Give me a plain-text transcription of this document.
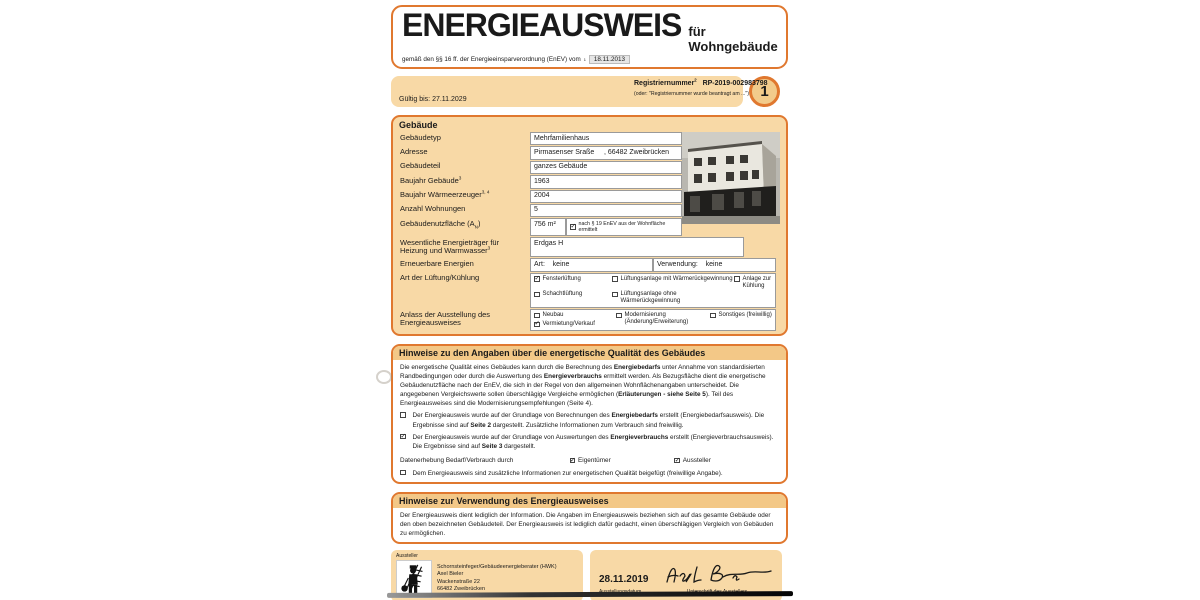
ENERGIEAUSWEIS für Wohngebäude
gemäß den §§ 16 ff. der Energieeinsparverordnung (EnEV) vom 1	18.11.2013
Gültig bis: 27.11.2029
Registriernummer$^2$ RP-2019-002983798
(oder: "Registriernummer wurde beantragt am ...") 1
Gebäude
Gebäudetyp	Mehrfamilienhaus
Adresse	Pirmasenser Sraße     , 66482 Zweibrücken
Gebäudeteil	ganzes Gebäude
Baujahr Gebäude$^3$	1963
Baujahr Wärmeerzeuger$^{3, 4}$	2004
Anzahl Wohnungen	5
Gebäudenutzfläche $(A_N)$	756 m²
✓	nach § 19 EnEV aus der Wohnfläche ermittelt
Wesentliche Energieträger für
Heizung und Warmwasser$^3$
Erdgas H
Erneuerbare Energien	Art: keine	Verwendung: keine
Art der Lüftung/Kühlung ✓	Fensterlüftung	Lüftungsanlage mit Wärmerückgewinnung Anlage zur Kühlung
Schachtlüftung	Lüftungsanlage ohne Wärmerückgewinnung
Anlass der Ausstellung des
Energieausweises
Neubau
✓
Vermietung/Verkauf
Modernisierung
(Änderung/Erweiterung)
Sonstiges (freiwillig)
Hinweise zu den Angaben über die energetische Qualität des Gebäudes
Die energetische Qualität eines Gebäudes kann durch die Berechnung des Energiebedarfs unter Annahme von standardisierten Randbedingungen oder durch die Auswertung des Energieverbrauchs ermittelt werden. Als Bezugsfläche dient die energetische Gebäudenutzfläche nach der EnEV, die sich in der Regel von den allgemeinen Wohnflächenangaben unterscheidet. Die angegebenen Vergleichswerte sollen überschlägige Vergleiche ermöglichen (Erläuterungen - siehe Seite 5). Teil des Energieausweises sind die Modernisierungsempfehlungen (Seite 4).
Der Energieausweis wurde auf der Grundlage von Berechnungen des Energiebedarfs erstellt (Energiebedarfsausweis). Die Ergebnisse sind auf Seite 2 dargestellt. Zusätzliche Informationen zum Verbrauch sind freiwillig.
✓
Der Energieausweis wurde auf der Grundlage von Auswertungen des Energieverbrauchs erstellt (Energieverbrauchsausweis). Die Ergebnisse sind auf Seite 3 dargestellt.
Datenerhebung Bedarf/Verbrauch durch ✓	Eigentümer ✓	Aussteller
Dem Energieausweis sind zusätzliche Informationen zur energetischen Qualität beigefügt (freiwillige Angabe).
Hinweise zur Verwendung des Energieausweises
Der Energieausweis dient lediglich der Information. Die Angaben im Energieausweis beziehen sich auf das gesamte Gebäude oder den oben bezeichneten Gebäudeteil. Der Energieausweis ist lediglich dafür gedacht, einen überschlägigen Vergleich von Gebäuden zu ermöglichen.
Aussteller
Schornsteinfeger/Gebäudeenergieberater (HWK)
Axel Bieler
Wackenstraße 22
66482 Zweibrücken
28.11.2019
